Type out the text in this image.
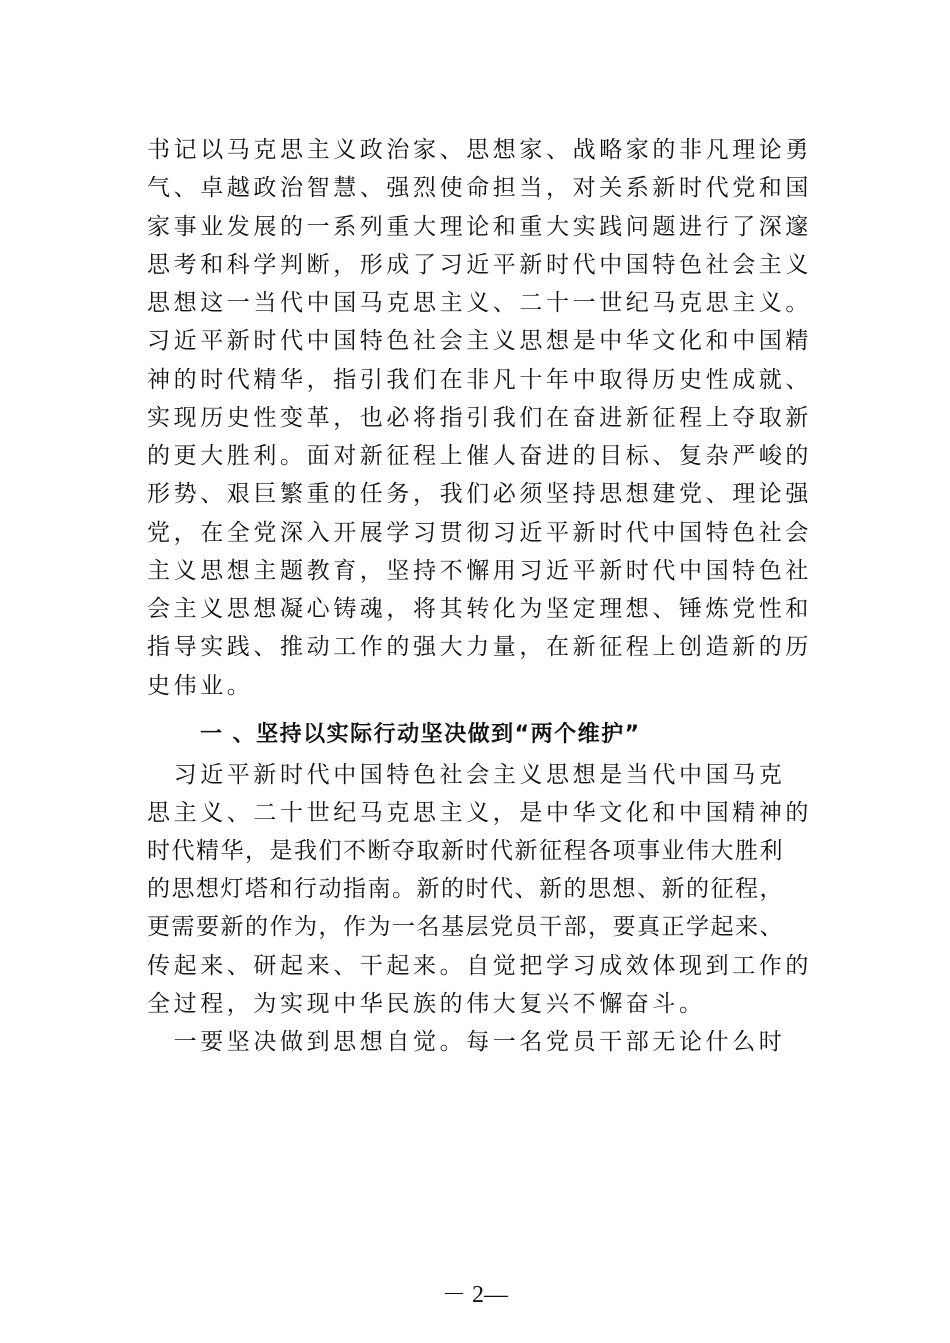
书记以马克思主义政治家、思想家、战略家的非凡理论勇
气、卓越政治智慧、强烈使命担当，对关系新时代党和国
家事业发展的一系列重大理论和重大实践问题进行了深邃
思考和科学判断，形成了习近平新时代中国特色社会主义
思想这一当代中国马克思主义、二十一世纪马克思主义。
习近平新时代中国特色社会主义思想是中华文化和中国精
神的时代精华，指引我们在非凡十年中取得历史性成就、
实现历史性变革，也必将指引我们在奋进新征程上夺取新
的更大胜利。面对新征程上催人奋进的目标、复杂严峻的
形势、艰巨繁重的任务，我们必须坚持思想建党、理论强
党，在全党深入开展学习贯彻习近平新时代中国特色社会
主义思想主题教育，坚持不懈用习近平新时代中国特色社
会主义思想凝心铸魂，将其转化为坚定理想、锤炼党性和
指导实践、推动工作的强大力量，在新征程上创造新的历
史伟业。
一 、坚持以实际行动坚决做到“两个维护”
　习近平新时代中国特色社会主义思想是当代中国马克
思主义、二十世纪马克思主义，是中华文化和中国精神的
时代精华，是我们不断夺取新时代新征程各项事业伟大胜利
的思想灯塔和行动指南。新的时代、新的思想、新的征程，
更需要新的作为，作为一名基层党员干部，要真正学起来、
传起来、研起来、干起来。自觉把学习成效体现到工作的
全过程，为实现中华民族的伟大复兴不懈奋斗。
　一要坚决做到思想自觉。每一名党员干部无论什么时
－ 2—
